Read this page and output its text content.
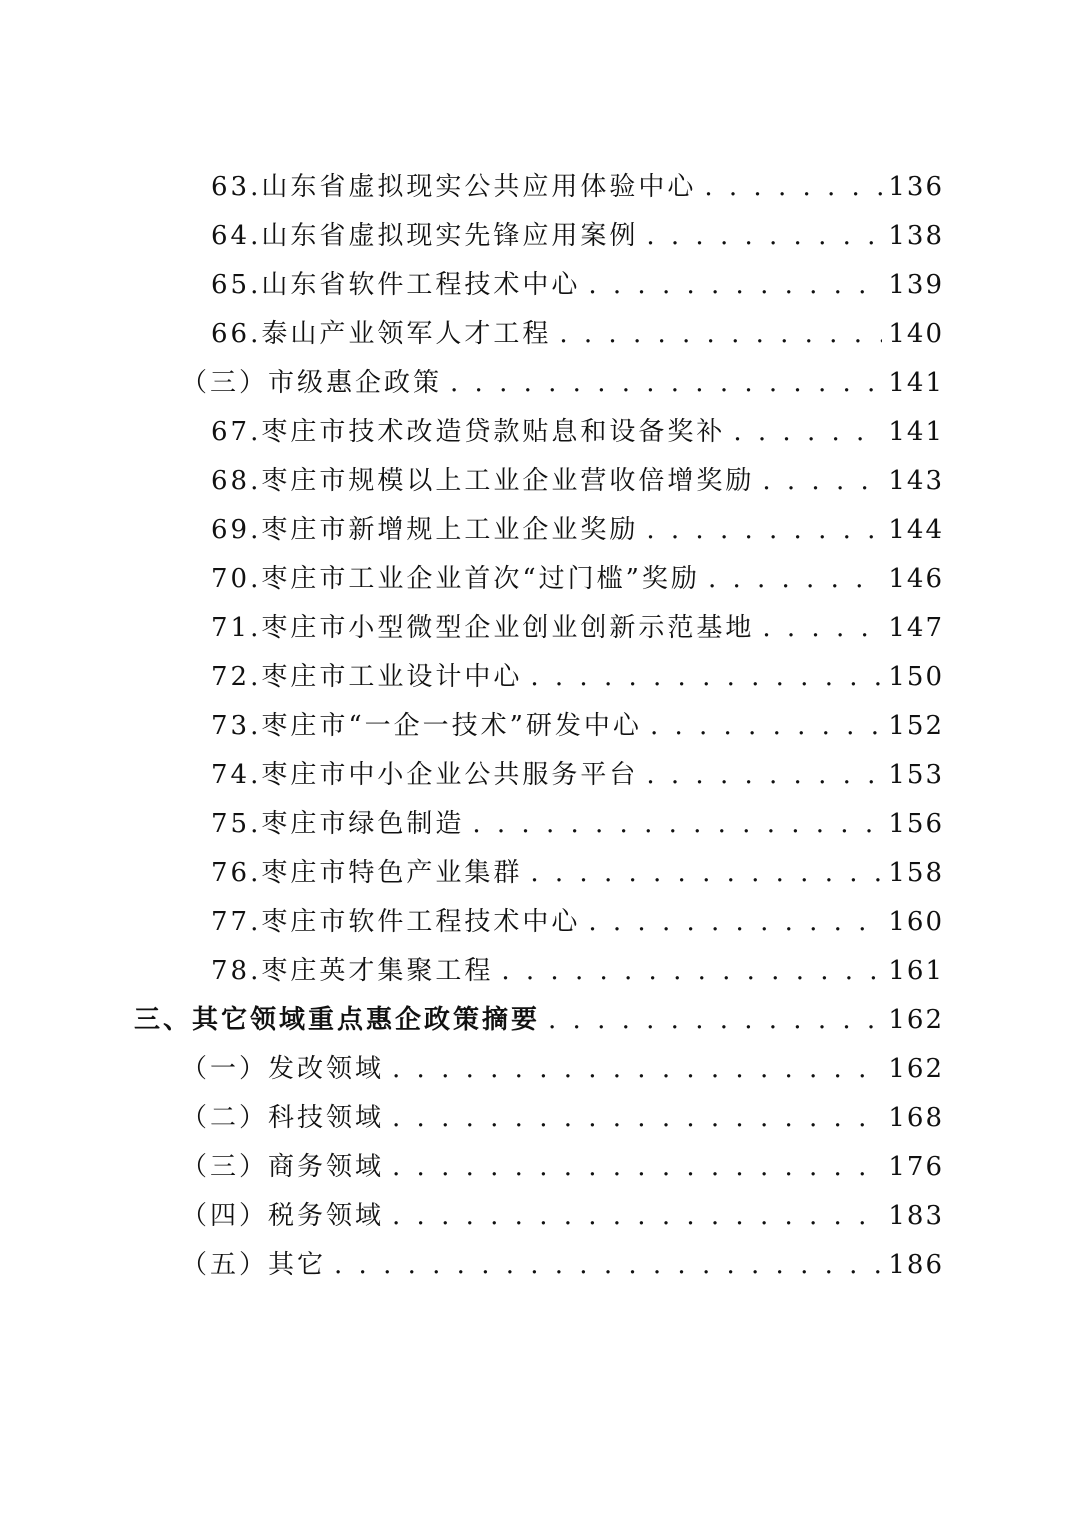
63.山东省虚拟现实公共应用体验中心 . . .	136
64.山东省虚拟现实先锋应用案例 . . .	138
65.山东省软件工程技术中心 . . .	139
66.泰山产业领军人才工程 . . .	140
（三）市级惠企政策 . . .	141
67.枣庄市技术改造贷款贴息和设备奖补 . . .	141
68.枣庄市规模以上工业企业营收倍增奖励 . . .	143
69.枣庄市新增规上工业企业奖励 . . .	144
70.枣庄市工业企业首次“过门槛”奖励 . . .	146
71.枣庄市小型微型企业创业创新示范基地 . . .	147
72.枣庄市工业设计中心 . . .	150
73.枣庄市“一企一技术”研发中心 . . .	152
74.枣庄市中小企业公共服务平台 . . .	153
75.枣庄市绿色制造 . . .	156
76.枣庄市特色产业集群 . . .	158
77.枣庄市软件工程技术中心 . . .	160
78.枣庄英才集聚工程 . . .	161
三、其它领域重点惠企政策摘要 . . .	162
（一）发改领域 . . .	162
（二）科技领域 . . .	168
（三）商务领域 . . .	176
（四）税务领域 . . .	183
（五）其它 . . .	186
